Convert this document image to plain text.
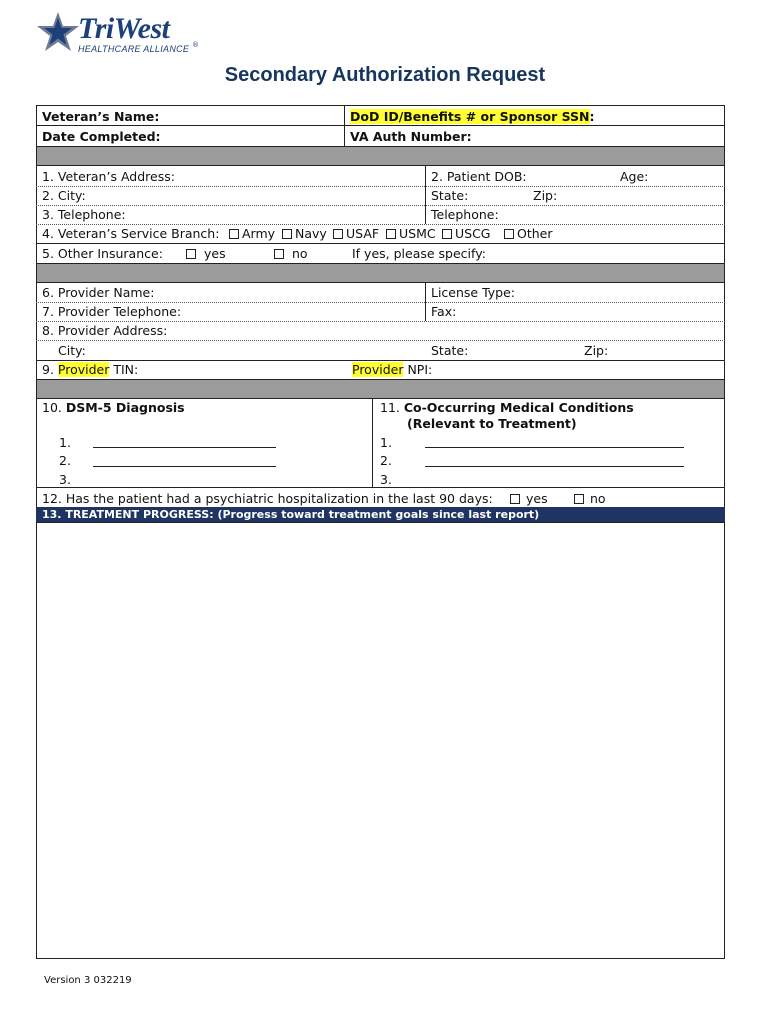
TriWest
HEALTHCARE ALLIANCE ®
Secondary Authorization Request
Veteran’s Name:	DoD ID/Benefits # or Sponsor SSN:
Date Completed:	VA Auth Number:
1. Veteran’s Address:	2. Patient DOB:	Age:
2. City:	State:	Zip:
3. Telephone:	Telephone:
4. Veteran’s Service Branch:	Army	Navy	USAF	USMC	USCG	Other
5. Other Insurance:	yes	no	If yes, please specify:
6. Provider Name:	License Type:
7. Provider Telephone:	Fax:
8. Provider Address:
City:	State:	Zip:
9. Provider TIN:	Provider NPI:
10. DSM-5 Diagnosis	11. Co-Occurring Medical Conditions
(Relevant to Treatment)
1.
2.
3.
1.
2.
3.
12. Has the patient had a psychiatric hospitalization in the last 90 days:	yes	no
13. TREATMENT PROGRESS: (Progress toward treatment goals since last report)
Version 3 032219
